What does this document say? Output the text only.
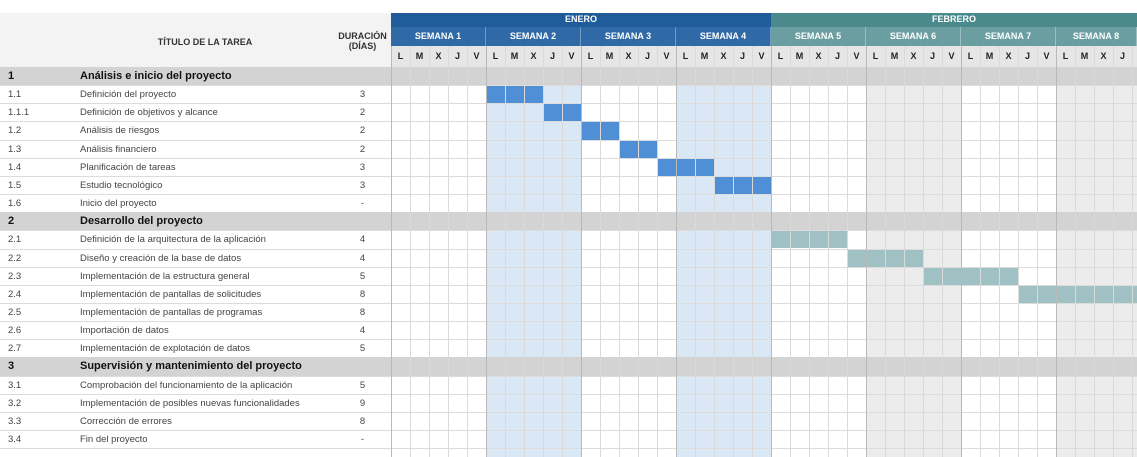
TÍTULO DE LA TAREA
DURACIÓN
(DÍAS)
ENERO	FEBRERO
SEMANA 1	SEMANA 2	SEMANA 3	SEMANA 4	SEMANA 5	SEMANA 6	SEMANA 7	SEMANA 8
1	Análisis e inicio del proyecto
1.1	Definición del proyecto	3
1.1.1	Definición de objetivos y alcance	2
1.2	Análisis de riesgos	2
1.3	Análisis financiero	2
1.4	Planificación de tareas	3
1.5	Estudio tecnológico	3
1.6	Inicio del proyecto	-
2	Desarrollo del proyecto
2.1	Definición de la arquitectura de la aplicación	4
2.2	Diseño y creación de la base de datos	4
2.3	Implementación de la estructura general	5
2.4	Implementación de pantallas de solicitudes	8
2.5	Implementación de pantallas de programas	8
2.6	Importación de datos	4
2.7	Implementación de explotación de datos	5
3	Supervisión y mantenimiento del proyecto
3.1	Comprobación del funcionamiento de la aplicación	5
3.2	Implementación de posibles nuevas funcionalidades	9
3.3	Corrección de errores	8
3.4	Fin del proyecto	-
L	M	X	J	V	L	M	X	J	V	L	M	X	J	V	L	M	X	J	V	L	M	X	J	V	L	M	X	J	V	L	M	X	J	V	L	M	X	J
